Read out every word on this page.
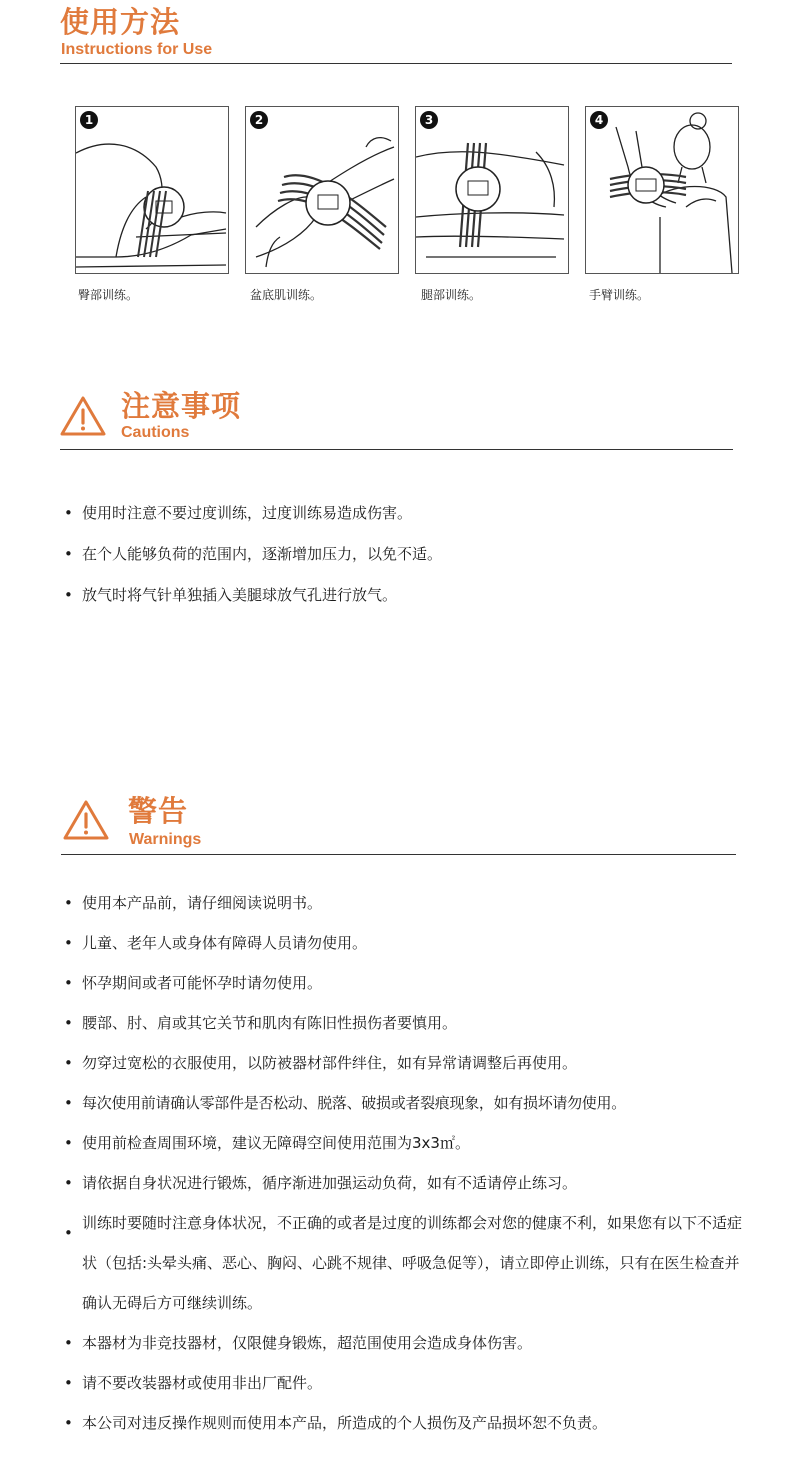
使用方法
Instructions for Use
1
臀部训练。
2
盆底肌训练。
3
腿部训练。
4
手臂训练。
注意事项
Cautions
• 使用时注意不要过度训练，过度训练易造成伤害。
• 在个人能够负荷的范围内，逐渐增加压力，以免不适。
• 放气时将气针单独插入美腿球放气孔进行放气。
警告
Warnings
• 使用本产品前，请仔细阅读说明书。
• 儿童、老年人或身体有障碍人员请勿使用。
• 怀孕期间或者可能怀孕时请勿使用。
• 腰部、肘、肩或其它关节和肌肉有陈旧性损伤者要慎用。
• 勿穿过宽松的衣服使用，以防被器材部件绊住，如有异常请调整后再使用。
• 每次使用前请确认零部件是否松动、脱落、破损或者裂痕现象，如有损坏请勿使用。
• 使用前检查周围环境，建议无障碍空间使用范围为3x3㎡。
• 请依据自身状况进行锻炼，循序渐进加强运动负荷，如有不适请停止练习。
•
训练时要随时注意身体状况，不正确的或者是过度的训练都会对您的健康不利，如果您有以下不适症状（包括:头晕头痛、恶心、胸闷、心跳不规律、呼吸急促等），请立即停止训练，只有在医生检查并确认无碍后方可继续训练。
• 本器材为非竞技器材，仅限健身锻炼，超范围使用会造成身体伤害。
• 请不要改装器材或使用非出厂配件。
• 本公司对违反操作规则而使用本产品，所造成的个人损伤及产品损坏恕不负责。
